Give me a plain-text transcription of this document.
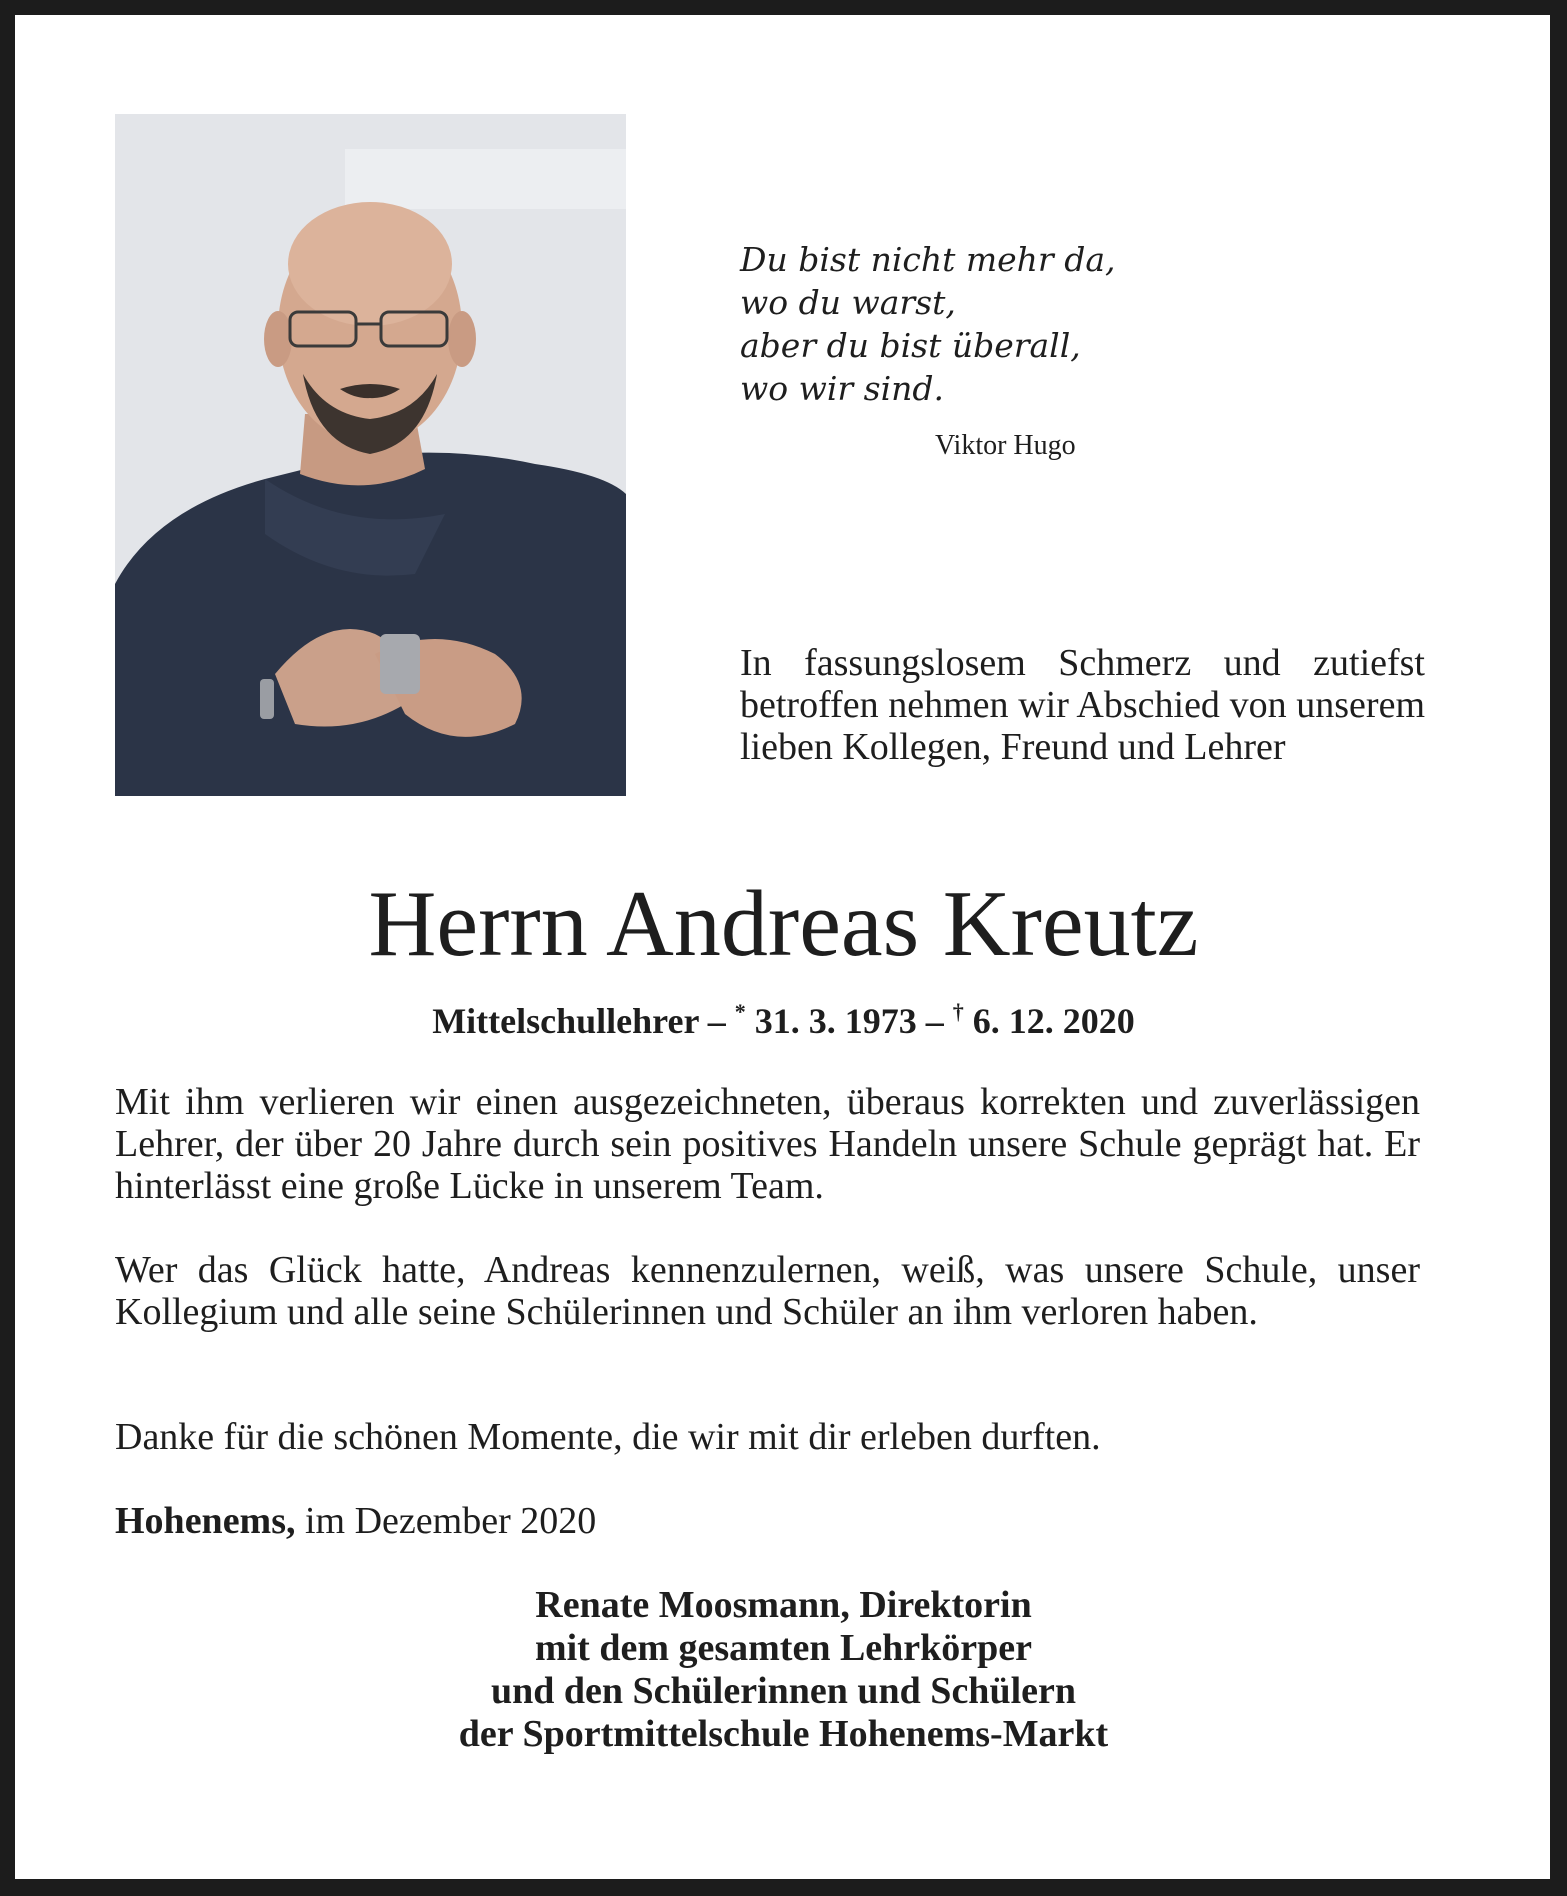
Du bist nicht mehr da,
wo du warst,
aber du bist überall,
wo wir sind.
Viktor Hugo
In fassungslosem Schmerz und zutiefst betroffen nehmen wir Abschied von unserem lieben Kollegen, Freund und Lehrer
Herrn Andreas Kreutz
Mittelschullehrer – * 31. 3. 1973 – † 6. 12. 2020
Mit ihm verlieren wir einen ausgezeichneten, überaus korrekten und zuverlässigen Lehrer, der über 20 Jahre durch sein positives Handeln unsere Schule geprägt hat. Er hinterlässt eine große Lücke in unserem Team.
Wer das Glück hatte, Andreas kennenzulernen, weiß, was unsere Schule, unser Kollegium und alle seine Schülerinnen und Schüler an ihm verloren haben.
Danke für die schönen Momente, die wir mit dir erleben durften.
Hohenems, im Dezember 2020
Renate Moosmann, Direktorin
mit dem gesamten Lehrkörper
und den Schülerinnen und Schülern
der Sportmittelschule Hohenems-Markt
